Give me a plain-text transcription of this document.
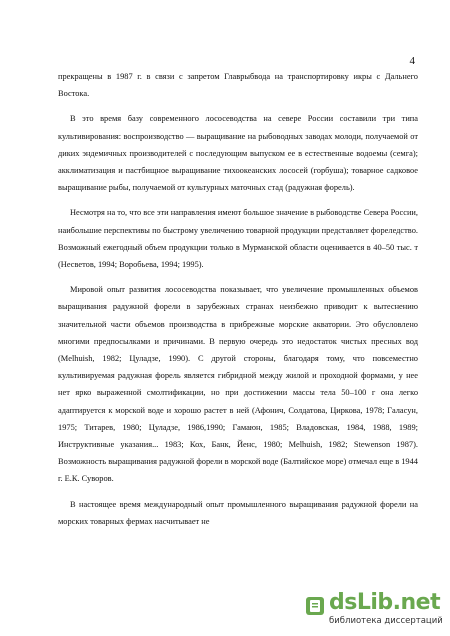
4

прекращены в 1987 г. в связи с запретом Главрыбвода на транспортировку икры с Дальнего Востока.

В это время базу современного лососеводства на севере России составили три типа культивирования: воспроизводство — выращивание на рыбоводных заводах молоди, получаемой от диких эндемичных производителей с последующим выпуском ее в естественные водоемы (семга); акклиматизация и пастбищное выращивание тихоокеанских лососей (горбуша); товарное садковое выращивание рыбы, получаемой от культурных маточных стад (радужная форель).

Несмотря на то, что все эти направления имеют большое значение в рыбоводстве Севера России, наибольшие перспективы по быстрому увеличению товарной продукции представляет фореледство. Возможный ежегодный объем продукции только в Мурманской области оценивается в 40–50 тыс. т (Несветов, 1994; Воробьева, 1994; 1995).

Мировой опыт развития лососеводства показывает, что увеличение промышленных объемов выращивания радужной форели в зарубежных странах неизбежно приводит к вытеснению значительной части объемов производства в прибрежные морские акватории. Это обусловлено многими предпосылками и причинами. В первую очередь это недостаток чистых пресных вод (Melhuish, 1982; Цуладзе, 1990). С другой стороны, благодаря тому, что повсеместно культивируемая радужная форель является гибридной между жилой и проходной формами, у нее нет ярко выраженной смолтификации, но при достижении массы тела 50–100 г она легко адаптируется к морской воде и хорошо растет в ней (Афонич, Солдатова, Циркова, 1978; Галасун, 1975; Титарев, 1980; Цуладзе, 1986,1990; Гамаюн, 1985; Владовская, 1984, 1988, 1989; Инструктивные указания... 1983; Кох, Банк, Йенс, 1980; Melhuish, 1982; Stewenson 1987). Возможность выращивания радужной форели в морской воде (Балтийское море) отмечал еще в 1944 г. Е.К. Суворов.

В настоящее время международный опыт промышленного выращивания радужной форели на морских товарных фермах насчитывает не

dsLib.net
библиотека диссертаций
